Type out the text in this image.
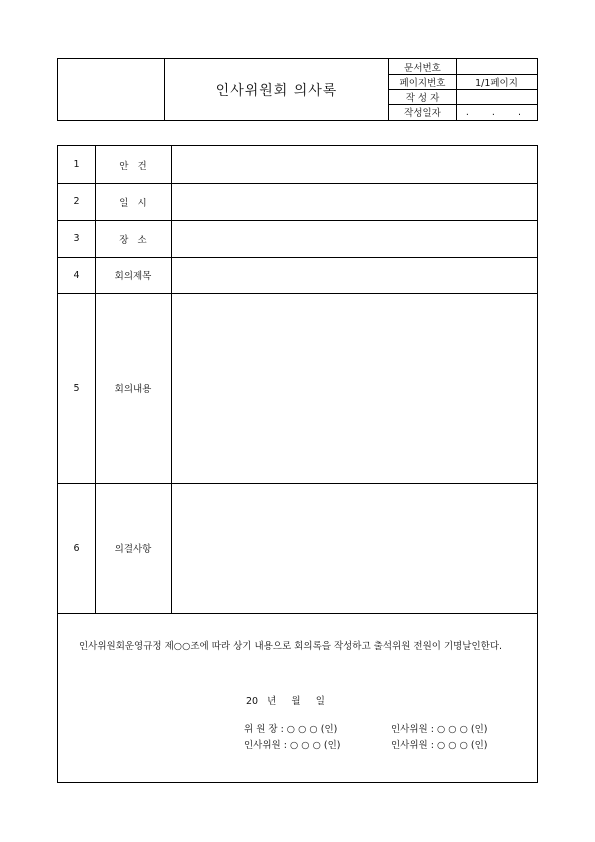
인사위원회 의사록
문서번호
페이지번호	1/1페이지
작 성 자
작성일자	. . .
1	안   건
2	일   시
3	장   소
4	회의제목
5	회의내용
6	의결사항
인사위원회운영규정 제○○조에 따라 상기 내용으로 회의록을 작성하고 출석위원 전원이 기명날인한다.
20   년     월     일
위 원 장 : ○ ○ ○ (인)	인사위원 : ○ ○ ○ (인)
인사위원 : ○ ○ ○ (인)	인사위원 : ○ ○ ○ (인)
